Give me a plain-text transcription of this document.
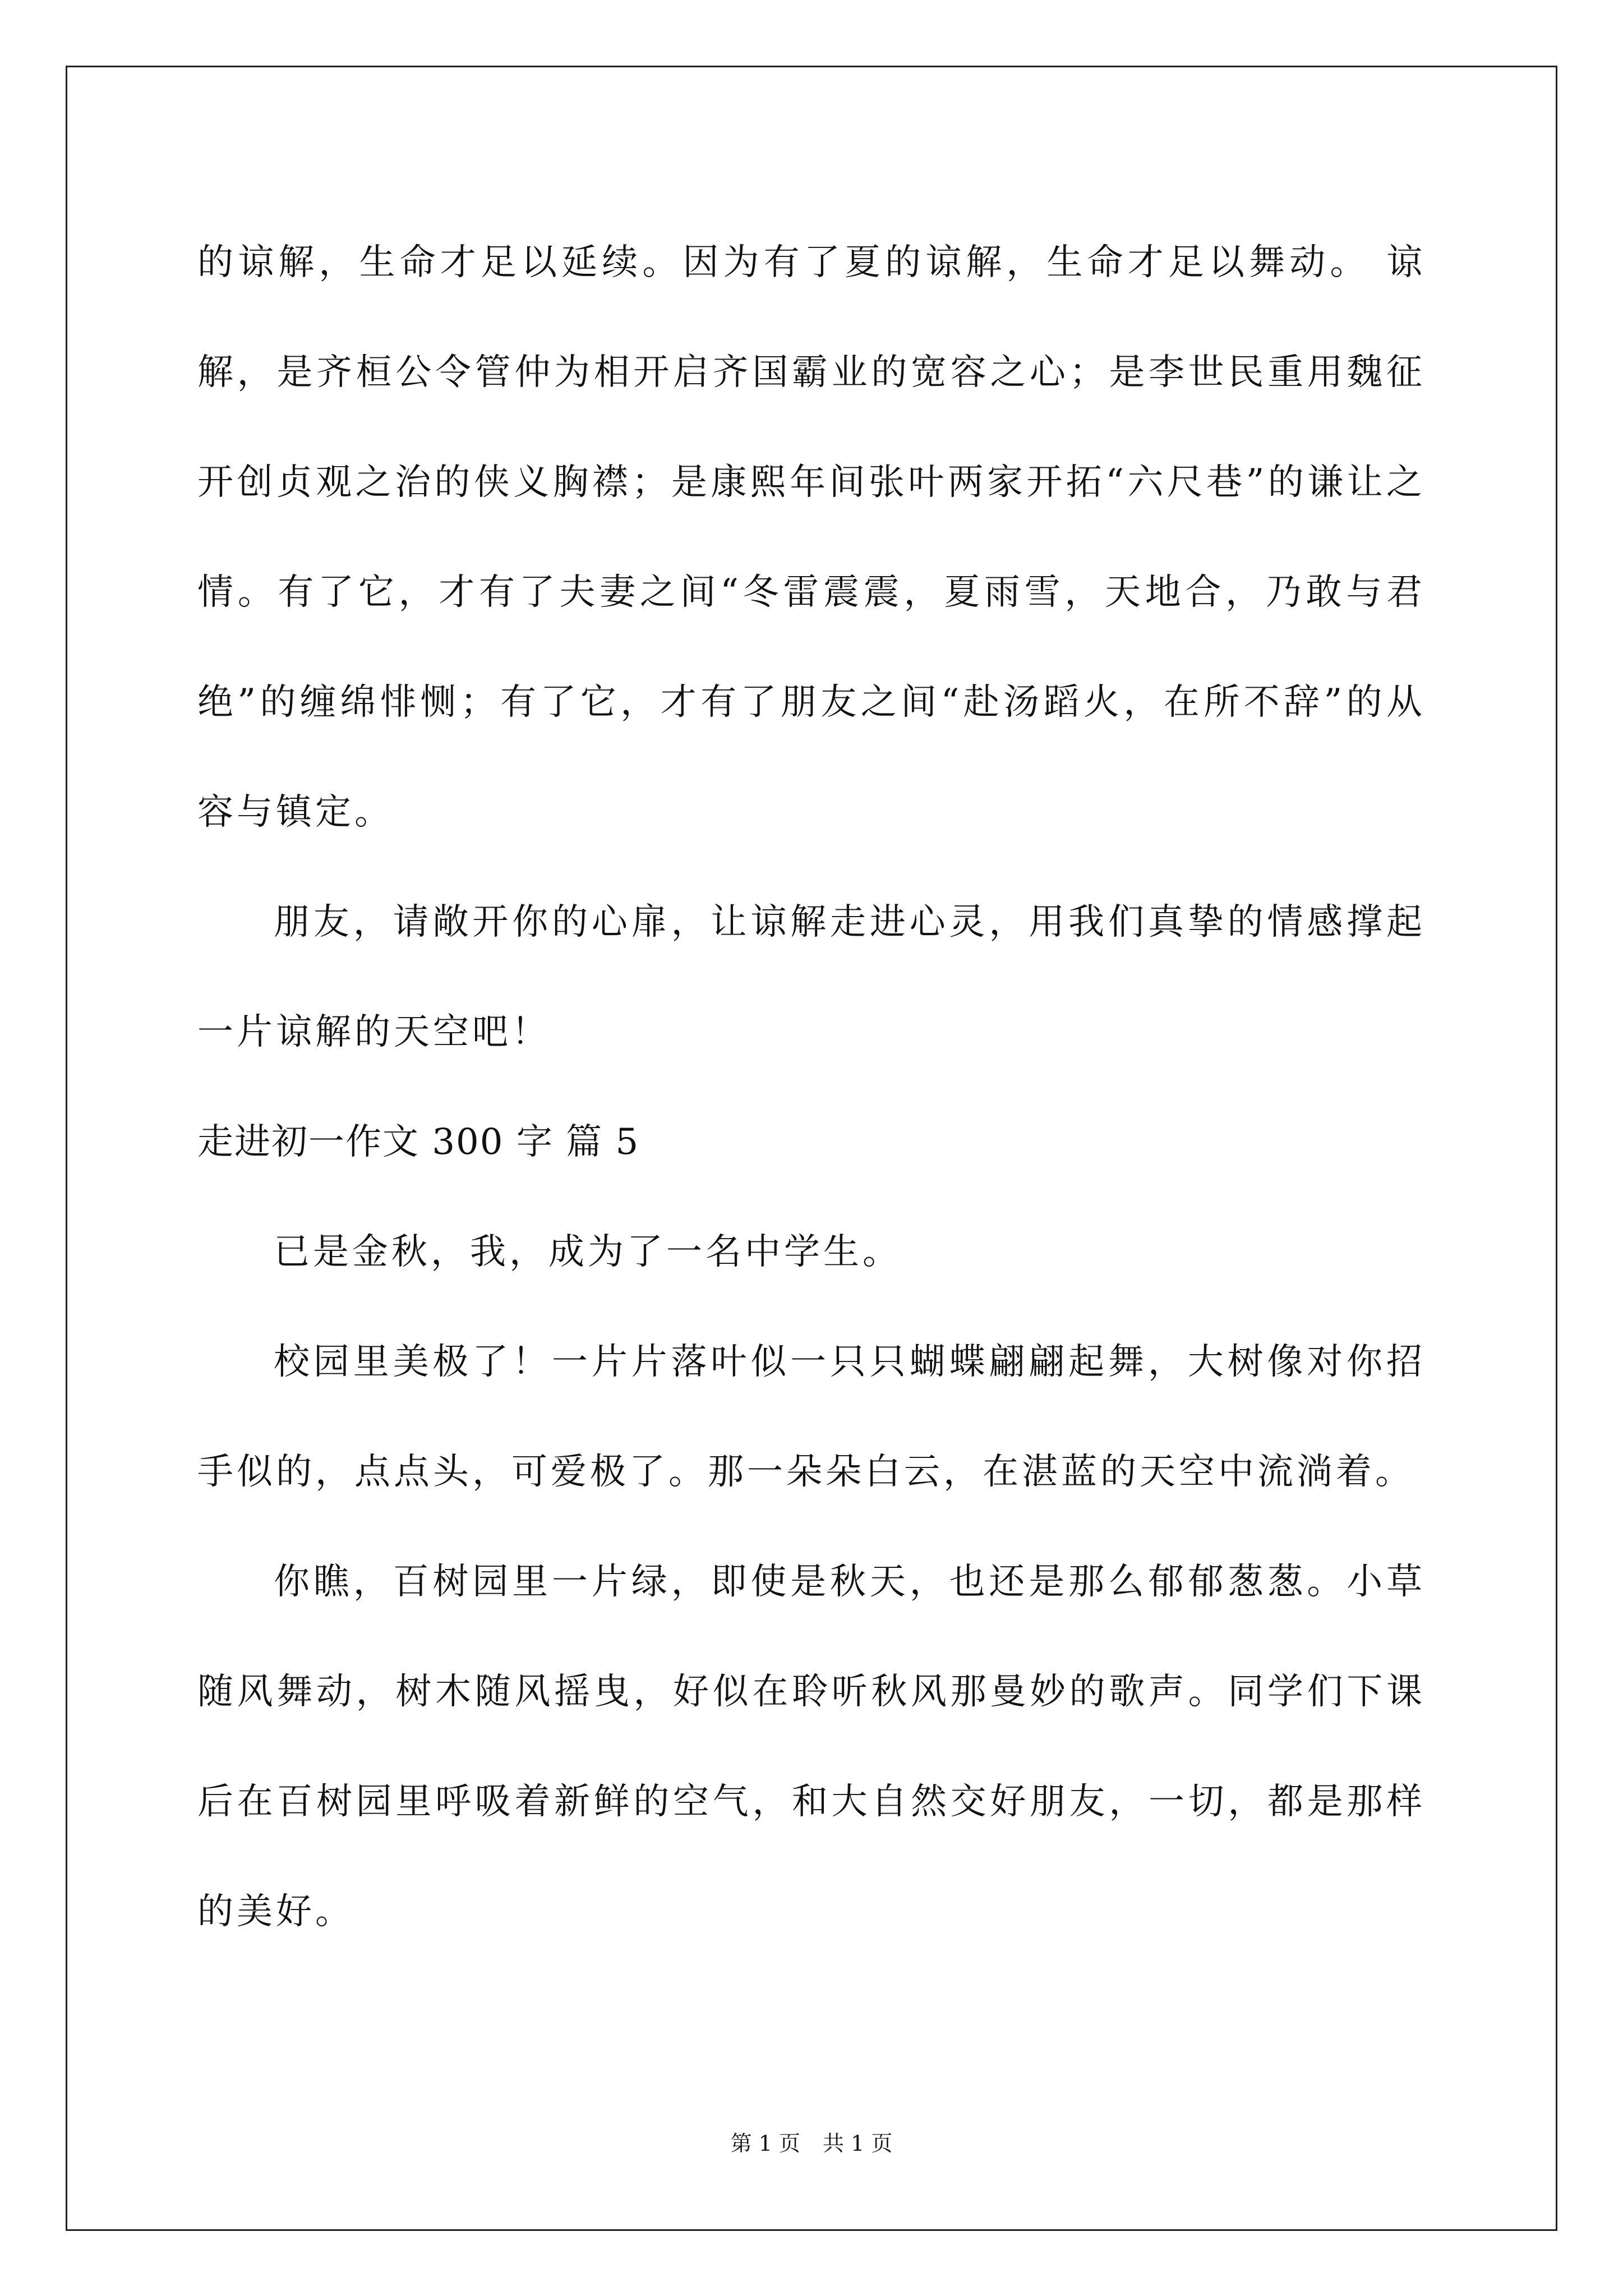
的谅解，生命才足以延续。因为有了夏的谅解，生命才足以舞动。 谅解，是齐桓公令管仲为相开启齐国霸业的宽容之心；是李世民重用魏征开创贞观之治的侠义胸襟；是康熙年间张叶两家开拓“六尺巷”的谦让之情。有了它，才有了夫妻之间“冬雷震震，夏雨雪，天地合，乃敢与君绝”的缠绵悱恻；有了它，才有了朋友之间“赴汤蹈火，在所不辞”的从容与镇定。

朋友，请敞开你的心扉，让谅解走进心灵，用我们真挚的情感撑起一片谅解的天空吧！

走进初一作文 300 字 篇 5

已是金秋，我，成为了一名中学生。

校园里美极了！一片片落叶似一只只蝴蝶翩翩起舞，大树像对你招手似的，点点头，可爱极了。那一朵朵白云，在湛蓝的天空中流淌着。

你瞧，百树园里一片绿，即使是秋天，也还是那么郁郁葱葱。小草随风舞动，树木随风摇曳，好似在聆听秋风那曼妙的歌声。同学们下课后在百树园里呼吸着新鲜的空气，和大自然交好朋友，一切，都是那样的美好。

第 1 页 共 1 页
